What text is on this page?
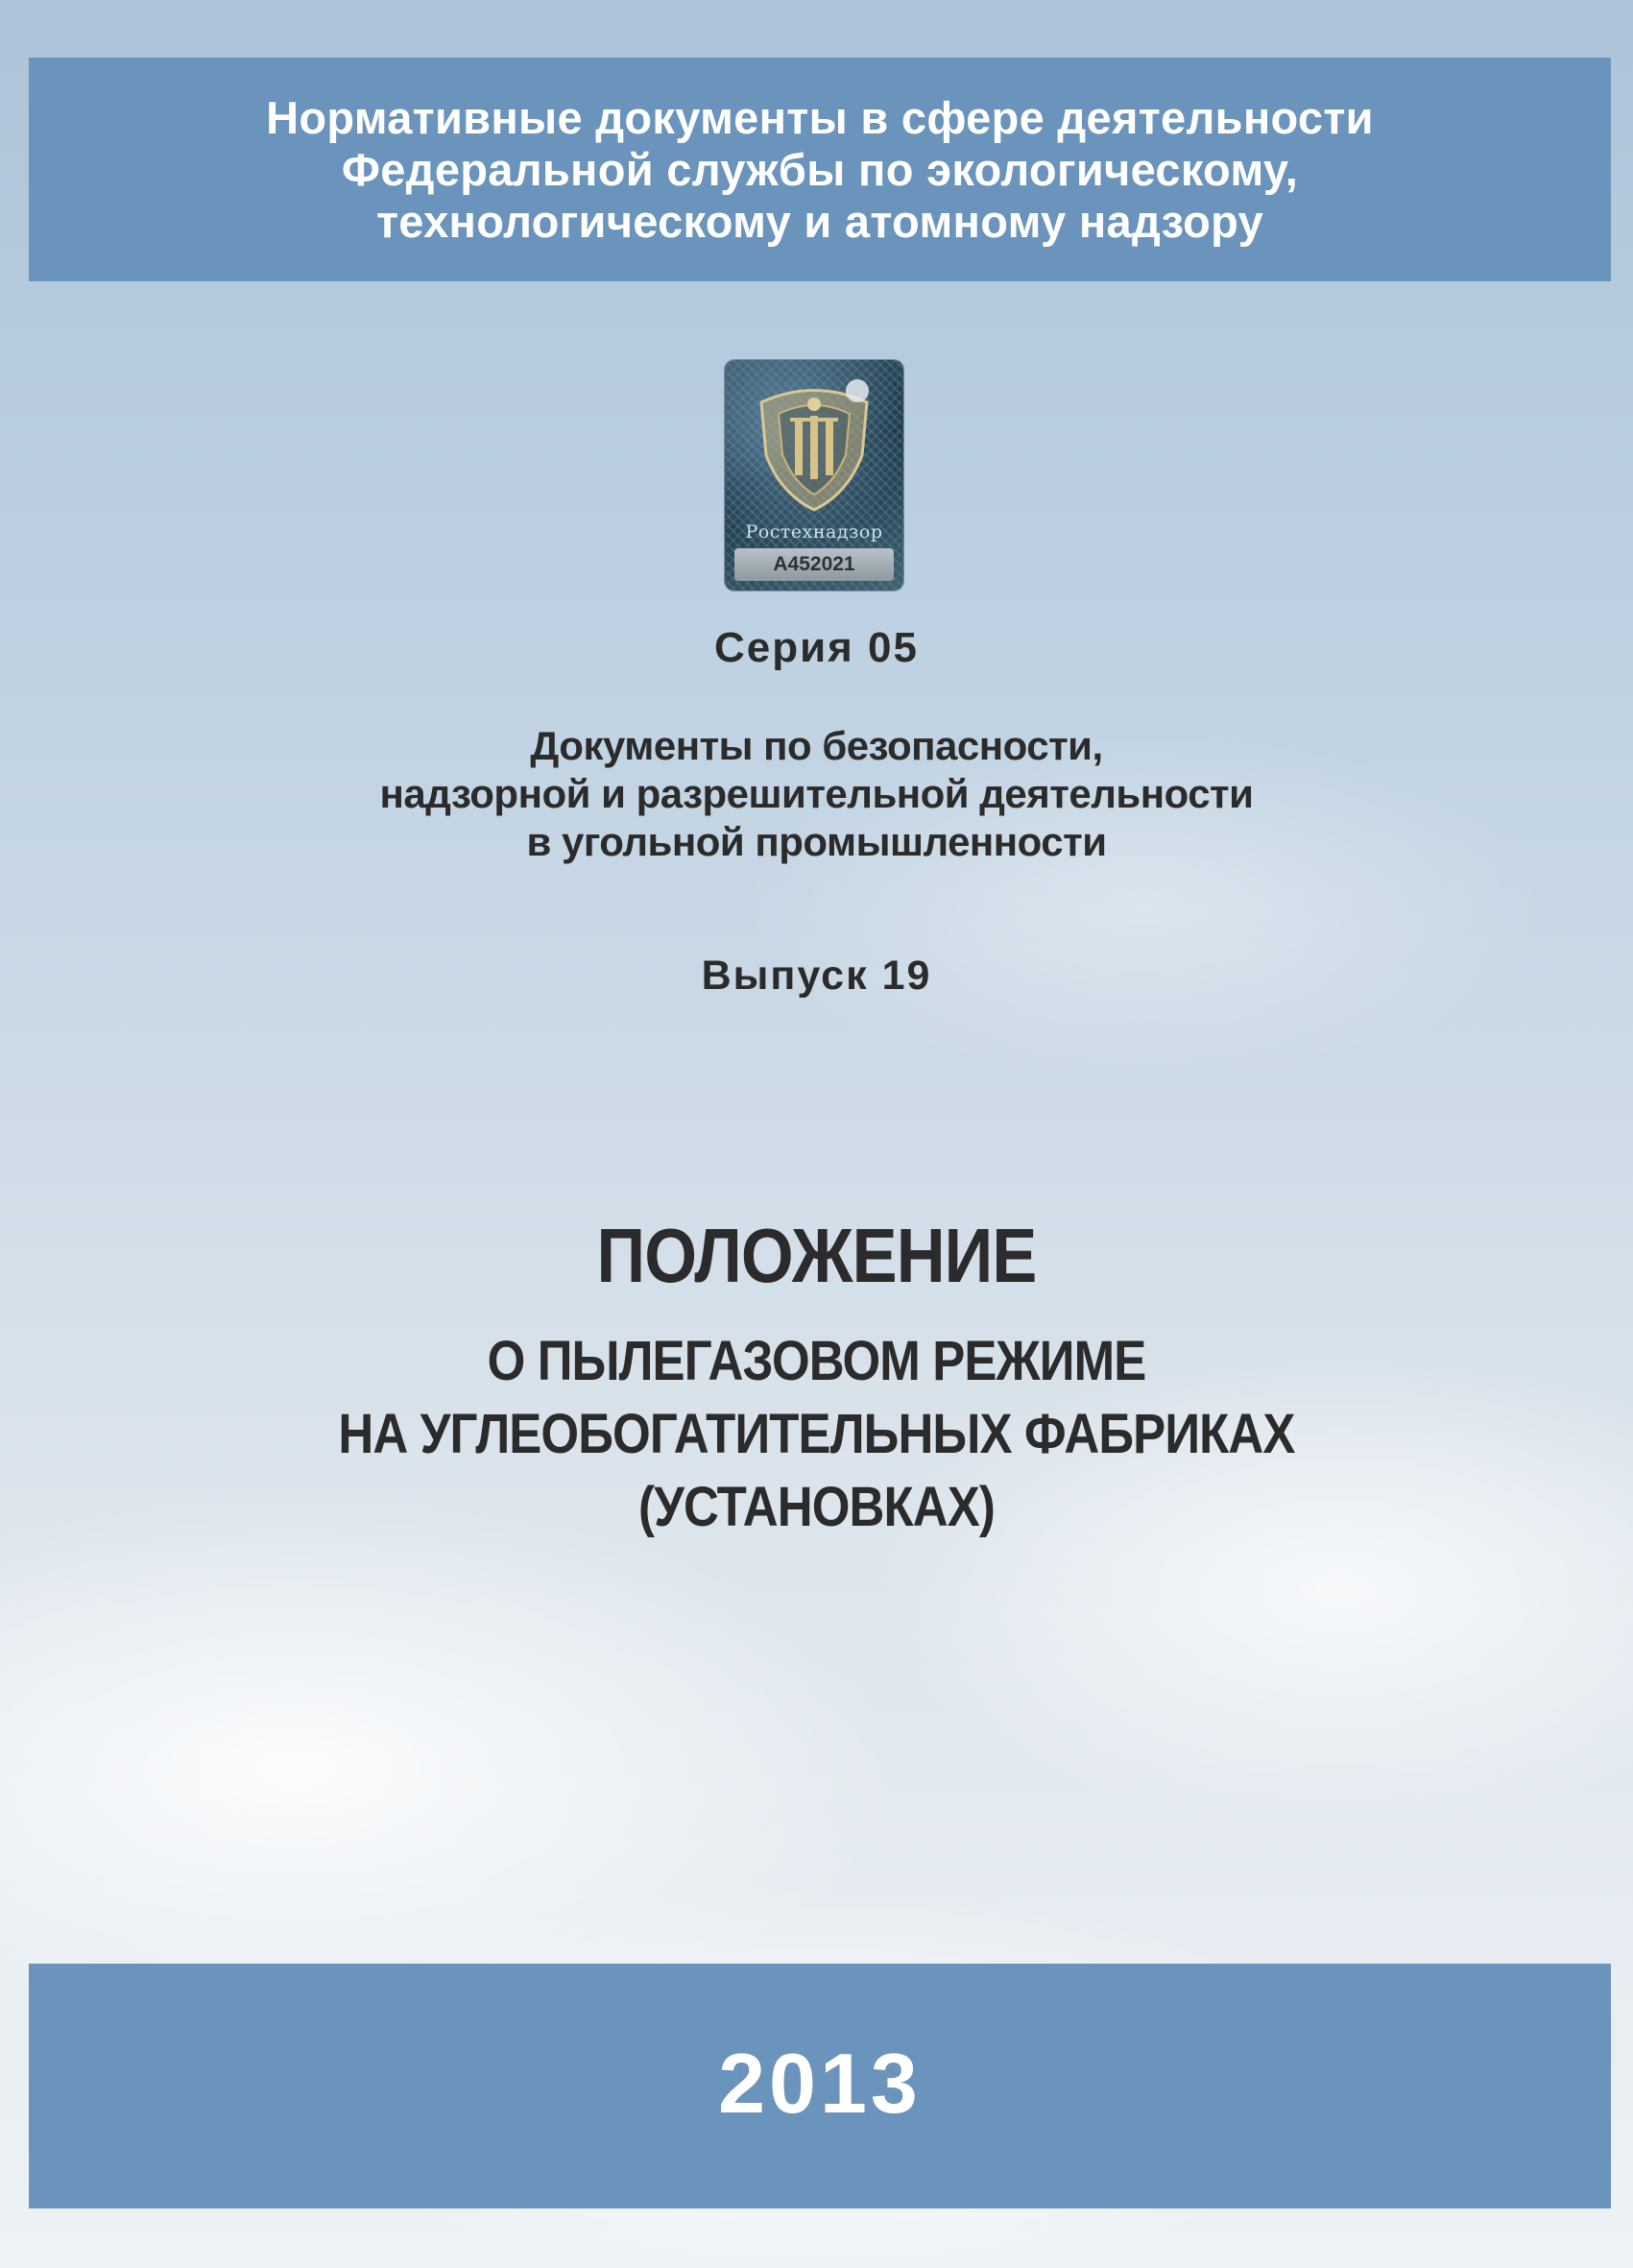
Нормативные документы в сфере деятельности
Федеральной службы по экологическому,
технологическому и атомному надзору
Ростехнадзор
А452021
Серия 05
Документы по безопасности,
надзорной и разрешительной деятельности
в угольной промышленности
Выпуск 19
ПОЛОЖЕНИЕ
О ПЫЛЕГАЗОВОМ РЕЖИМЕ
НА УГЛЕОБОГАТИТЕЛЬНЫХ ФАБРИКАХ
(УСТАНОВКАХ)
2013
